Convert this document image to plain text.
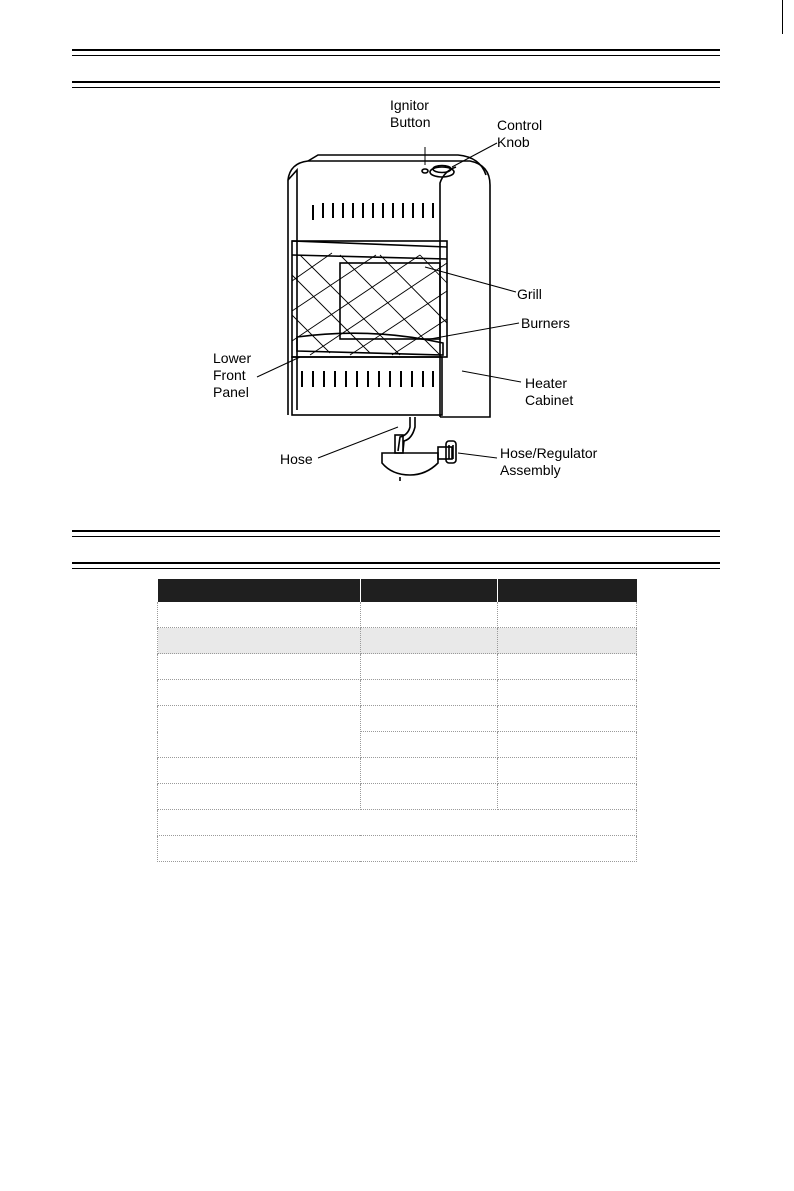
Ignitor
Button	Control
Knob
Grill
Burners
Lower
Front
Panel
Heater
Cabinet
Hose	Hose/Regulator
Assembly
